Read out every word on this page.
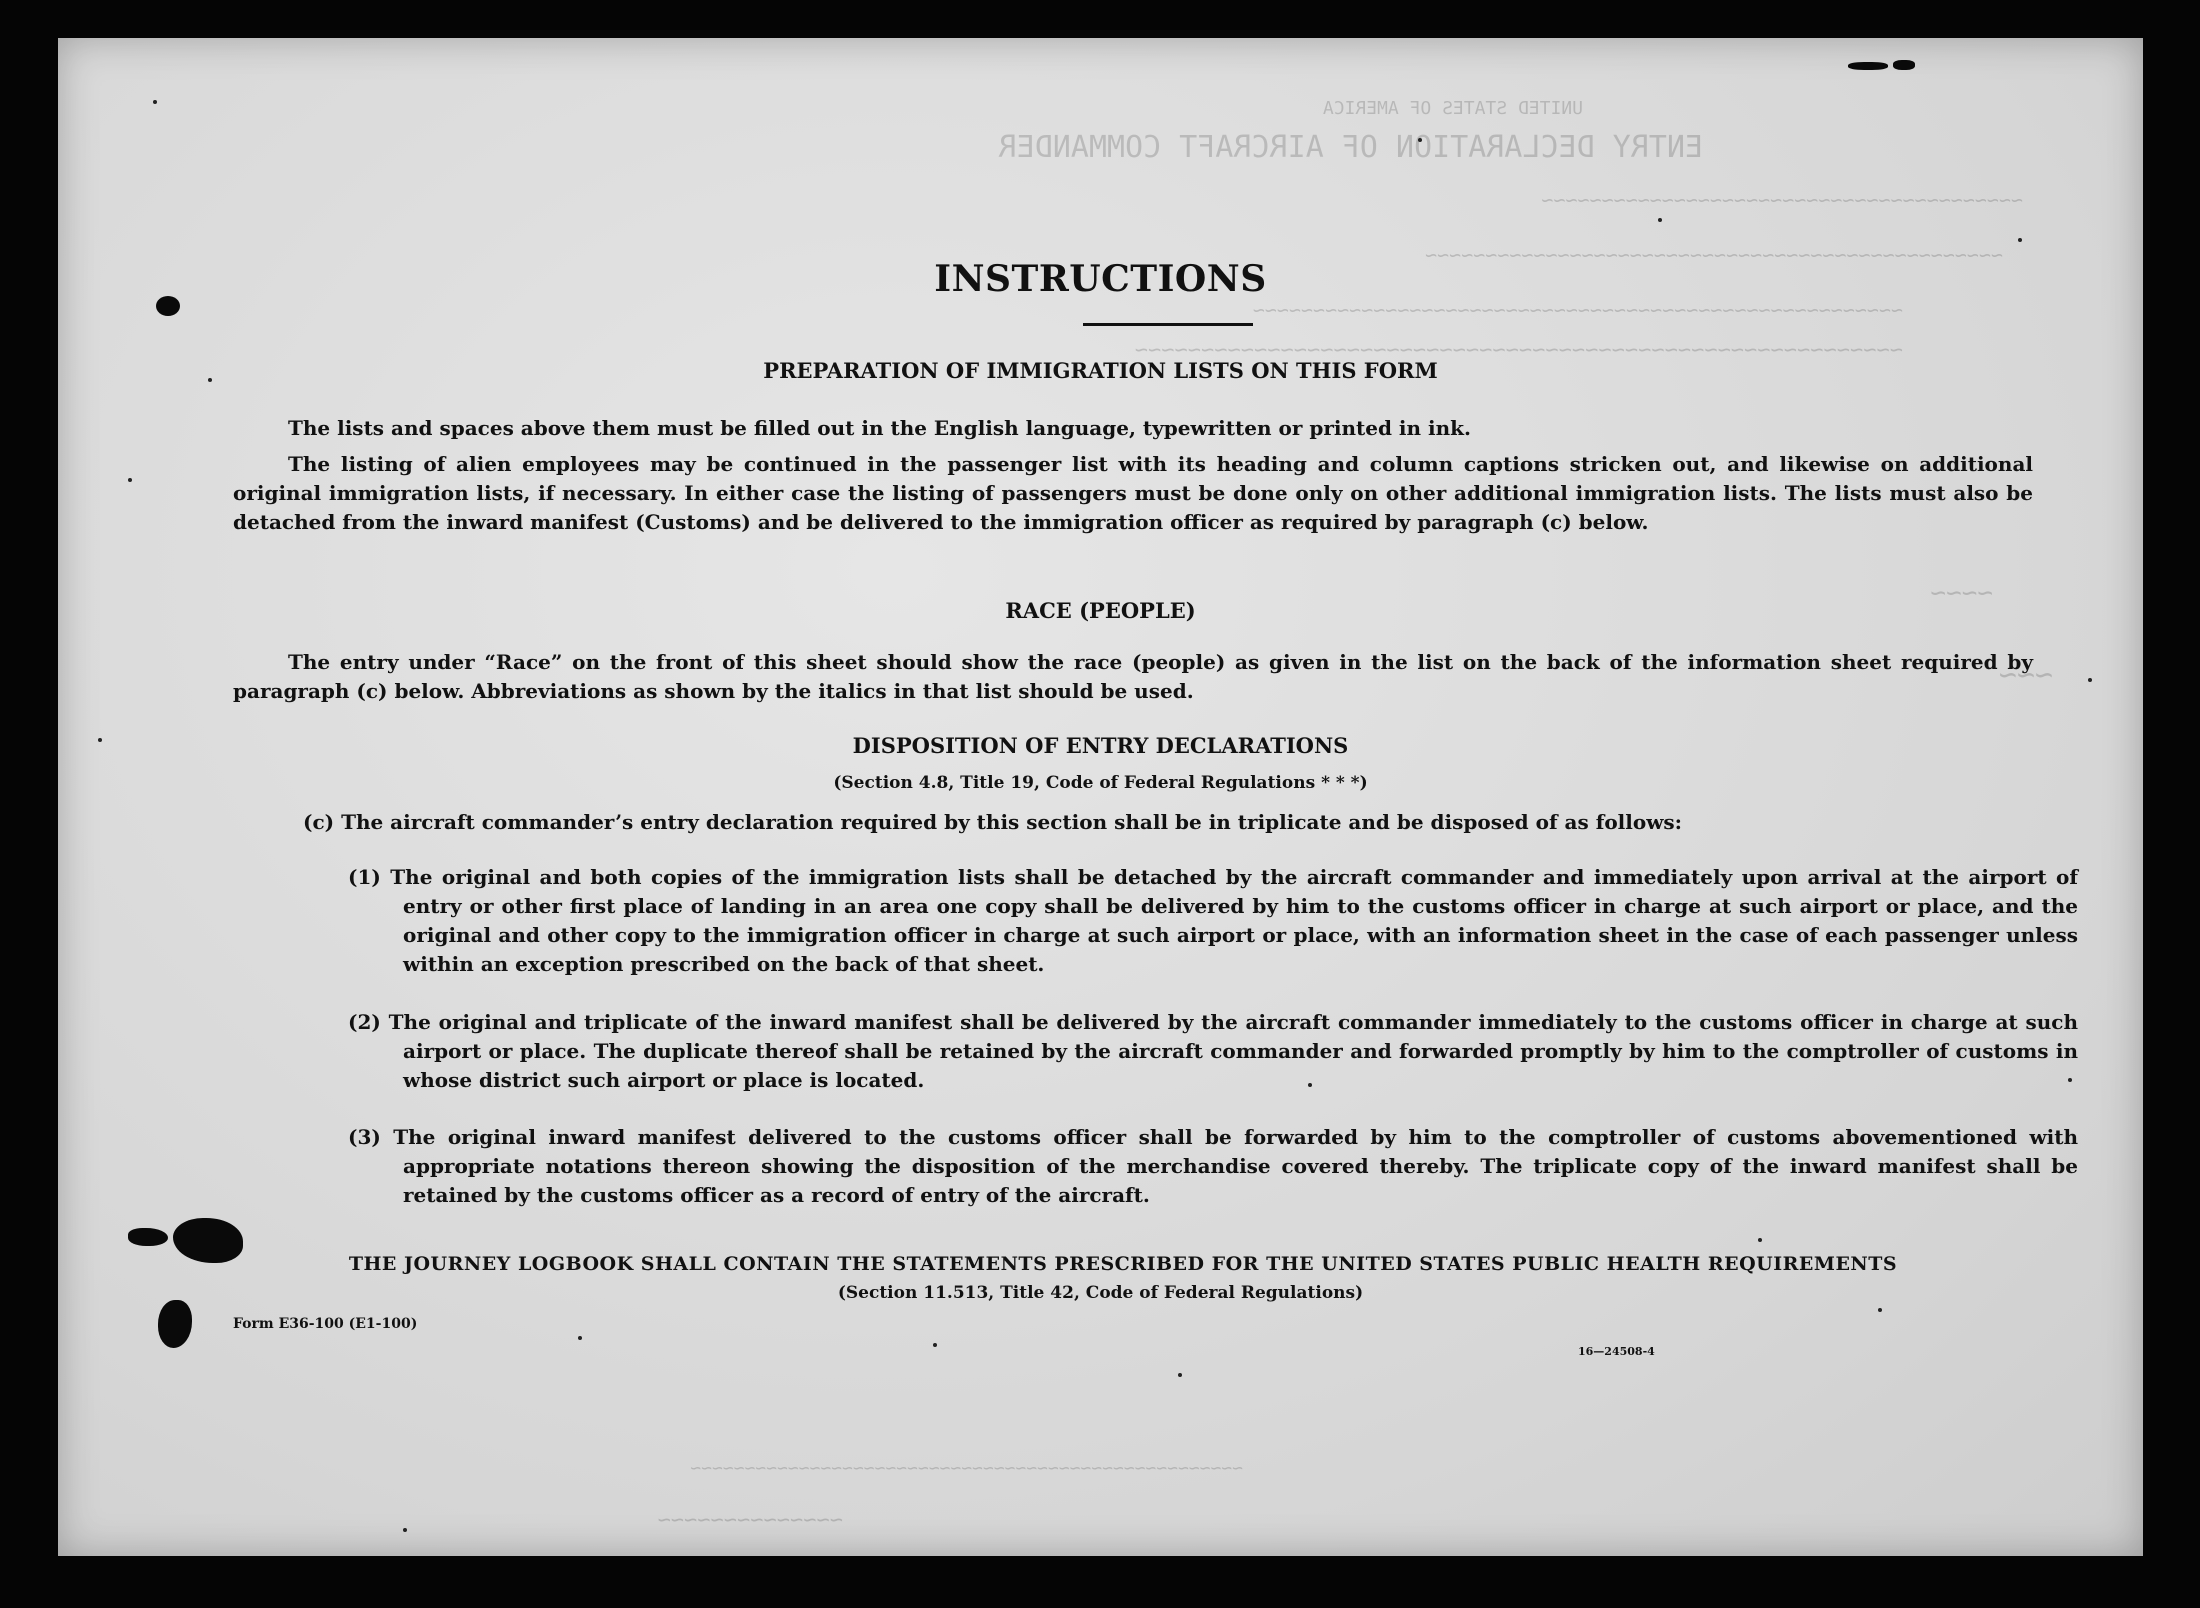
UNITED STATES OF AMERICA
ENTRY DECLARATION OF AIRCRAFT COMMANDER
~~~~~~~~~~~~~~~~~~~~~~~~~~~~~~~~~~~~~~~~
~~~~~~~~~~~~~~~~~~~~~~~~~~~~~~~~~~~~~~~~~~~~~~~~
~~~~~~~~~~~~~~~~~~~~~~~~~~~~~~~~~~~~~~~~~~~~~~~~~~~~~~
~~~~~~~~~~~~~~~~~~~~~~~~~~~~~~~~~~~~~~~~~~~~~~~~~~~~~~~~~~
~~~~
~~~
~~~~~~~~~~~~~~~~~~~~~~~~~~~~~~~~~~~~~~~~~~~~~~~~~~~
~~~~~~~~~~~~~~
INSTRUCTIONS
PREPARATION OF IMMIGRATION LISTS ON THIS FORM
The lists and spaces above them must be filled out in the English language, typewritten or printed in ink.
The listing of alien employees may be continued in the passenger list with its heading and column captions stricken out, and likewise on additional original immigration lists, if necessary. In either case the listing of passengers must be done only on other additional immigration lists. The lists must also be detached from the inward manifest (Customs) and be delivered to the immigration officer as required by paragraph (c) below.
RACE (PEOPLE)
The entry under “Race” on the front of this sheet should show the race (people) as given in the list on the back of the information sheet required by paragraph (c) below. Abbreviations as shown by the italics in that list should be used.
DISPOSITION OF ENTRY DECLARATIONS
(Section 4.8, Title 19, Code of Federal Regulations * * *)
(c) The aircraft commander’s entry declaration required by this section shall be in triplicate and be disposed of as follows:
(1) The original and both copies of the immigration lists shall be detached by the aircraft commander and immediately upon arrival at the airport of entry or other first place of landing in an area one copy shall be delivered by him to the customs officer in charge at such airport or place, and the original and other copy to the immigration officer in charge at such airport or place, with an information sheet in the case of each passenger unless within an exception prescribed on the back of that sheet.
(2) The original and triplicate of the inward manifest shall be delivered by the aircraft commander immediately to the customs officer in charge at such airport or place. The duplicate thereof shall be retained by the aircraft commander and forwarded promptly by him to the comptroller of customs in whose district such airport or place is located.
(3) The original inward manifest delivered to the customs officer shall be forwarded by him to the comptroller of customs abovementioned with appropriate notations thereon showing the disposition of the merchandise covered thereby. The triplicate copy of the inward manifest shall be retained by the customs officer as a record of entry of the aircraft.
THE JOURNEY LOGBOOK SHALL CONTAIN THE STATEMENTS PRESCRIBED FOR THE UNITED STATES PUBLIC HEALTH REQUIREMENTS
(Section 11.513, Title 42, Code of Federal Regulations)
Form E36-100 (E1-100)
16—24508-4
